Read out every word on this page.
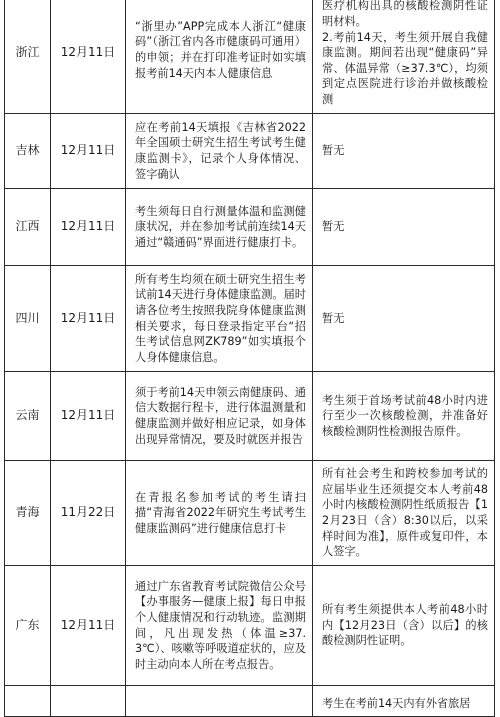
浙江	12月11日	“浙里办”APP完成本人浙江“健康码”（浙江省内各市健康码可通用）的申领；并在打印准考证时如实填报考前14天内本人健康信息	医疗机构出具的核酸检测阴性证明材料。
2.考前14天，考生须开展自我健康监测。期间若出现“健康码”异常、体温异常（≥37.3℃），均须到定点医院进行诊治并做核酸检测

吉林	12月11日	应在考前14天填报《吉林省2022年全国硕士研究生招生考试考生健康监测卡》，记录个人身体情况、签字确认	暂无

江西	12月11日	考生须每日自行测量体温和监测健康状况，并在参加考试前连续14天通过“赣通码”界面进行健康打卡。	暂无

四川	12月11日	所有考生均须在硕士研究生招生考试前14天进行身体健康监测。届时请各位考生按照我院身体健康监测相关要求，每日登录指定平台“招生考试信息网ZK789”如实填报个人身体健康信息。	暂无

云南	12月11日	须于考前14天申领云南健康码、通信大数据行程卡，进行体温测量和健康监测并做好相应记录，如身体出现异常情况，要及时就医并报告	考生须于首场考试前48小时内进行至少一次核酸检测，并准备好核酸检测阴性检测报告原件。

青海	11月22日	在青报名参加考试的考生请扫描“青海省2022年研究生考试考生健康监测码”进行健康信息打卡	所有社会考生和跨校参加考试的应届毕业生还须提交本人考前48小时内核酸检测阴性纸质报告【12月23日（含）8:30以后，以采样时间为准】，原件或复印件，本人签字。

广东	12月11日	通过广东省教育考试院微信公众号【办事服务—健康上报】每日申报个人健康情况和行动轨迹。监测期间，凡出现发热（体温≥37.3℃）、咳嗽等呼吸道症状的，应及时主动向本人所在考点报告。	所有考生须提供本人考前48小时内【12月23日（含）以后】的核酸检测阴性证明。

			考生在考前14天内有外省旅居
